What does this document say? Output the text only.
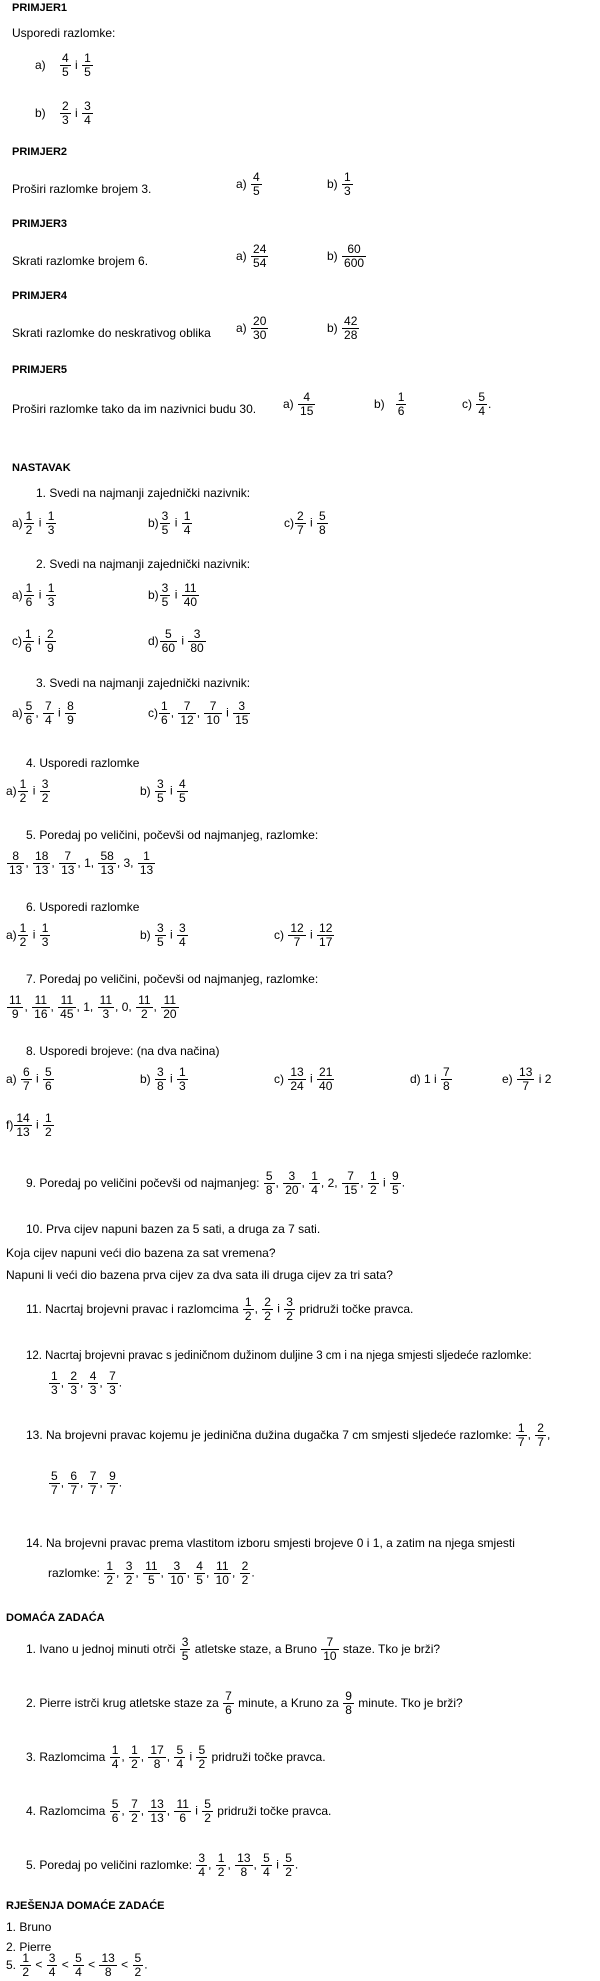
PRIMJER1
Usporedi razlomke:
$a) \frac{4}{5}$ i $\frac{1}{5}$
$b) \frac{2}{3}$ i $\frac{3}{4}$
PRIMJER2
Proširi razlomke brojem 3.	$a) \frac{4}{5}$	$b) \frac{1}{3}$
PRIMJER3
Skrati razlomke brojem 6.	$a) \frac{24}{54}$	$b) \frac{60}{600}$
PRIMJER4
Skrati razlomke do neskrativog oblika $a) \frac{20}{30}$	$b) \frac{42}{28}$
PRIMJER5
Proširi razlomke tako da im nazivnici budu 30. $a) \frac{4}{15}$	$b) \frac{1}{6}$	$c) \frac{5}{4}$ .
NASTAVAK
1. Svedi na najmanji zajednički nazivnik:
$a) \frac{1}{2}$ i $\frac{1}{3}$	$b) \frac{3}{5}$ i $\frac{1}{4}$	$c) \frac{2}{7}$ i $\frac{5}{8}$
2. Svedi na najmanji zajednički nazivnik:
$a) \frac{1}{6}$ i $\frac{1}{3}$	$b) \frac{3}{5}$ i $\frac{11}{40}$
$c) \frac{1}{6}$ i $\frac{2}{9}$	$d) \frac{5}{60}$ i $\frac{3}{80}$
3. Svedi na najmanji zajednički nazivnik:
$a) \frac{5}{6}$ , $\frac{7}{4}$ i $\frac{8}{9}$	$c) \frac{1}{6}$ , $\frac{7}{12}$ , $\frac{7}{10}$ i $\frac{3}{15}$
4. Usporedi razlomke
$a) \frac{1}{2}$ i $\frac{3}{2}$	$b) \frac{3}{5}$ i $\frac{4}{5}$
5. Poredaj po veličini, počevši od najmanjeg, razlomke:
$\frac{8}{13}$ , $\frac{18}{13}$ , $\frac{7}{13}$ , 1, $\frac{58}{13}$ , 3, $\frac{1}{13}$
6. Usporedi razlomke
$a) \frac{1}{2}$ i $\frac{1}{3}$	$b) \frac{3}{5}$ i $\frac{3}{4}$	$c) \frac{12}{7}$ i $\frac{12}{17}$
7. Poredaj po veličini, počevši od najmanjeg, razlomke:
$\frac{11}{9}$ , $\frac{11}{16}$ , $\frac{11}{45}$ , 1, $\frac{11}{3}$ , 0, $\frac{11}{2}$ , $\frac{11}{20}$
8. Usporedi brojeve: (na dva načina)
$a) \frac{6}{7}$ i $\frac{5}{6}$	$b) \frac{3}{8}$ i $\frac{1}{3}$	$c) \frac{13}{24}$ i $\frac{21}{40}$	d) 1 i $\frac{7}{8}$	$e) \frac{13}{7}$ i 2
$f) \frac{14}{13}$ i $\frac{1}{2}$
9. Poredaj po veličini počevši od najmanjeg: $\frac{5}{8}$ , $\frac{3}{20}$ , $\frac{1}{4}$ , 2, $\frac{7}{15}$ , $\frac{1}{2}$ i $\frac{9}{5}$ .
10. Prva cijev napuni bazen za 5 sati, a druga za 7 sati.
Koja cijev napuni veći dio bazena za sat vremena?
Napuni li veći dio bazena prva cijev za dva sata ili druga cijev za tri sata?
11. Nacrtaj brojevni pravac i razlomcima $\frac{1}{2}$ , $\frac{2}{2}$ i $\frac{3}{2}$ pridruži točke pravca.
12. Nacrtaj brojevni pravac s jediničnom dužinom duljine 3 cm i na njega smjesti sljedeće razlomke:
$\frac{1}{3}$ , $\frac{2}{3}$ , $\frac{4}{3}$ , $\frac{7}{3}$ .
13. Na brojevni pravac kojemu je jedinična dužina dugačka 7 cm smjesti sljedeće razlomke: $\frac{1}{7}$ , $\frac{2}{7}$ ,
$\frac{5}{7}$ , $\frac{6}{7}$ , $\frac{7}{7}$ , $\frac{9}{7}$ .
14. Na brojevni pravac prema vlastitom izboru smjesti brojeve 0 i 1, a zatim na njega smjesti
razlomke: $\frac{1}{2}$ , $\frac{3}{2}$ , $\frac{11}{5}$ , $\frac{3}{10}$ , $\frac{4}{5}$ , $\frac{11}{10}$ , $\frac{2}{2}$ .
DOMAĆA ZADAĆA
1. Ivano u jednoj minuti otrči $\frac{3}{5}$ atletske staze, a Bruno $\frac{7}{10}$ staze. Tko je brži?
2. Pierre istrči krug atletske staze za $\frac{7}{6}$ minute, a Kruno za $\frac{9}{8}$ minute. Tko je brži?
3. Razlomcima $\frac{1}{4}$ , $\frac{1}{2}$ , $\frac{17}{8}$ , $\frac{5}{4}$ i $\frac{5}{2}$ pridruži točke pravca.
4. Razlomcima $\frac{5}{6}$ , $\frac{7}{2}$ , $\frac{13}{13}$ , $\frac{11}{6}$ i $\frac{5}{2}$ pridruži točke pravca.
5. Poredaj po veličini razlomke: $\frac{3}{4}$ , $\frac{1}{2}$ , $\frac{13}{8}$ , $\frac{5}{4}$ i $\frac{5}{2}$ .
RJEŠENJA DOMAĆE ZADAĆE
1. Bruno
2. Pierre
5. $\frac{1}{2} < \frac{3}{4} < \frac{5}{4} < \frac{13}{8} < \frac{5}{2}$ .
